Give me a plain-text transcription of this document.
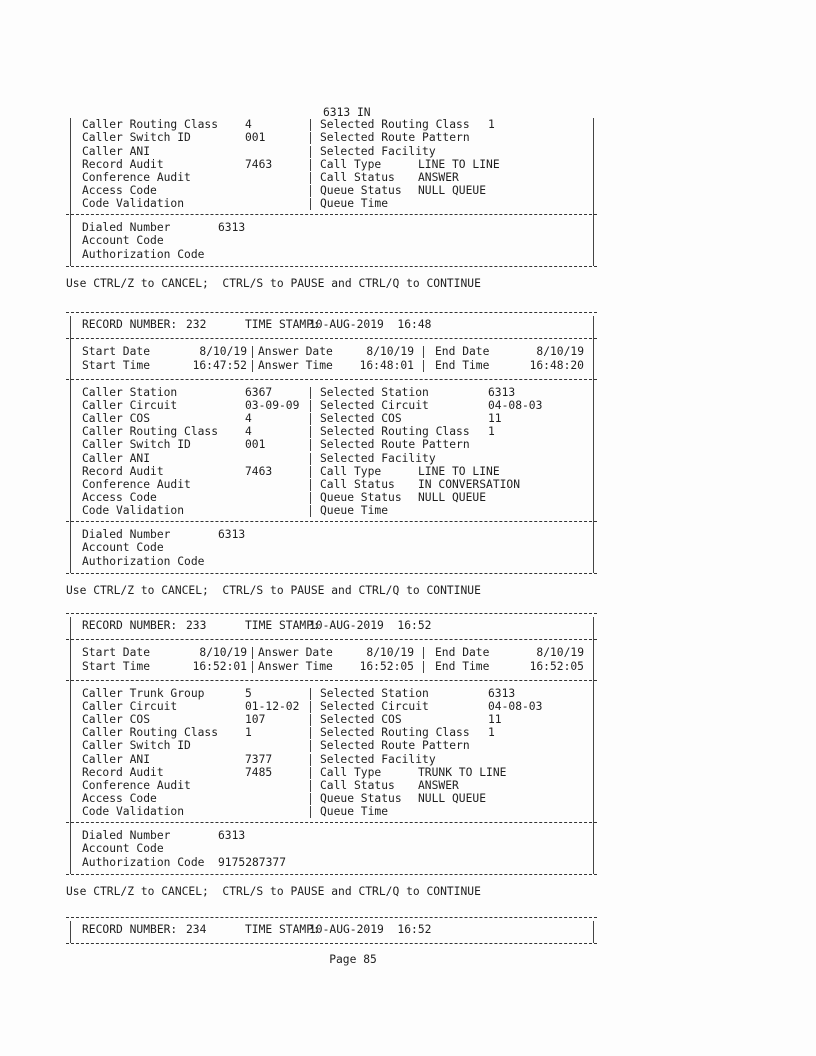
6313 IN
Caller Routing Class 4	Selected Routing Class 1
Caller Switch ID	001	Selected Route Pattern
Caller ANI	Selected Facility
Record Audit	7463	Call Type	LINE TO LINE
Conference Audit	Call Status ANSWER
Access Code	Queue Status NULL QUEUE
Code Validation	Queue Time
Dialed Number	6313
Account Code
Authorization Code
Use CTRL/Z to CANCEL;  CTRL/S to PAUSE and CTRL/Q to CONTINUE
RECORD NUMBER: 232	TIME STAMP:
10-AUG-2019  16:48
Start Date	8/10/19 Answer Date	8/10/19 End Date	8/10/19
Start Time	16:47:52 Answer Time	16:48:01 End Time	16:48:20
Caller Station	6367	Selected Station	6313
Caller Circuit	03-09-09 Selected Circuit	04-08-03
Caller COS	4	Selected COS	11
Caller Routing Class 4	Selected Routing Class 1
Caller Switch ID	001	Selected Route Pattern
Caller ANI	Selected Facility
Record Audit	7463	Call Type	LINE TO LINE
Conference Audit	Call Status IN CONVERSATION
Access Code	Queue Status NULL QUEUE
Code Validation	Queue Time
Dialed Number	6313
Account Code
Authorization Code
Use CTRL/Z to CANCEL;  CTRL/S to PAUSE and CTRL/Q to CONTINUE
RECORD NUMBER: 233	TIME STAMP:
10-AUG-2019  16:52
Start Date	8/10/19 Answer Date	8/10/19 End Date	8/10/19
Start Time	16:52:01 Answer Time	16:52:05 End Time	16:52:05
Caller Trunk Group	5	Selected Station	6313
Caller Circuit	01-12-02 Selected Circuit	04-08-03
Caller COS	107	Selected COS	11
Caller Routing Class 1	Selected Routing Class 1
Caller Switch ID	Selected Route Pattern
Caller ANI	7377	Selected Facility
Record Audit	7485	Call Type	TRUNK TO LINE
Conference Audit	Call Status ANSWER
Access Code	Queue Status NULL QUEUE
Code Validation	Queue Time
Dialed Number	6313
Account Code
Authorization Code 9175287377
Use CTRL/Z to CANCEL;  CTRL/S to PAUSE and CTRL/Q to CONTINUE
RECORD NUMBER: 234	TIME STAMP:
10-AUG-2019  16:52
Page 85
